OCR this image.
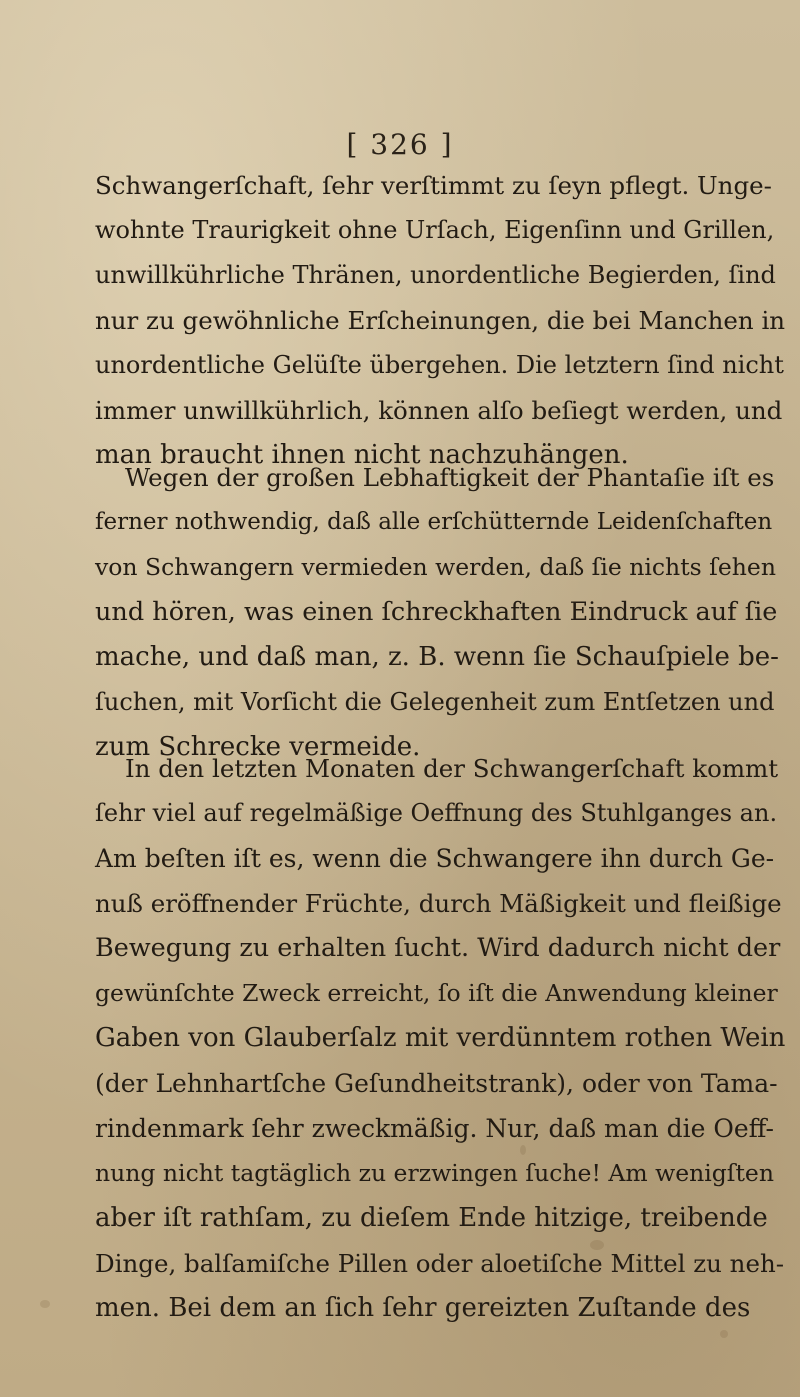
[ 326 ]
Schwangerſchaft, ſehr verſtimmt zu ſeyn pflegt. Unge-
wohnte Traurigkeit ohne Urſach, Eigenſinn und Grillen,
unwillkührliche Thränen, unordentliche Begierden, ſind
nur zu gewöhnliche Erſcheinungen, die bei Manchen in
unordentliche Gelüſte übergehen. Die letztern ſind nicht
immer unwillkührlich, können alſo beſiegt werden, und
man braucht ihnen nicht nachzuhängen.
Wegen der großen Lebhaftigkeit der Phantaſie iſt es
ferner nothwendig, daß alle erſchütternde Leidenſchaften
von Schwangern vermieden werden, daß ſie nichts ſehen
und hören, was einen ſchreckhaften Eindruck auf ſie
mache, und daß man, z. B. wenn ſie Schauſpiele be-
ſuchen, mit Vorſicht die Gelegenheit zum Entſetzen und
zum Schrecke vermeide.
In den letzten Monaten der Schwangerſchaft kommt
ſehr viel auf regelmäßige Oeffnung des Stuhlganges an.
Am beſten iſt es, wenn die Schwangere ihn durch Ge-
nuß eröffnender Früchte, durch Mäßigkeit und fleißige
Bewegung zu erhalten ſucht. Wird dadurch nicht der
gewünſchte Zweck erreicht, ſo iſt die Anwendung kleiner
Gaben von Glauberſalz mit verdünntem rothen Wein
(der Lehnhartſche Geſundheitstrank), oder von Tama-
rindenmark ſehr zweckmäßig. Nur, daß man die Oeff-
nung nicht tagtäglich zu erzwingen ſuche! Am wenigſten
aber iſt rathſam, zu dieſem Ende hitzige, treibende
Dinge, balſamiſche Pillen oder aloetiſche Mittel zu neh-
men. Bei dem an ſich ſehr gereizten Zuſtande des
